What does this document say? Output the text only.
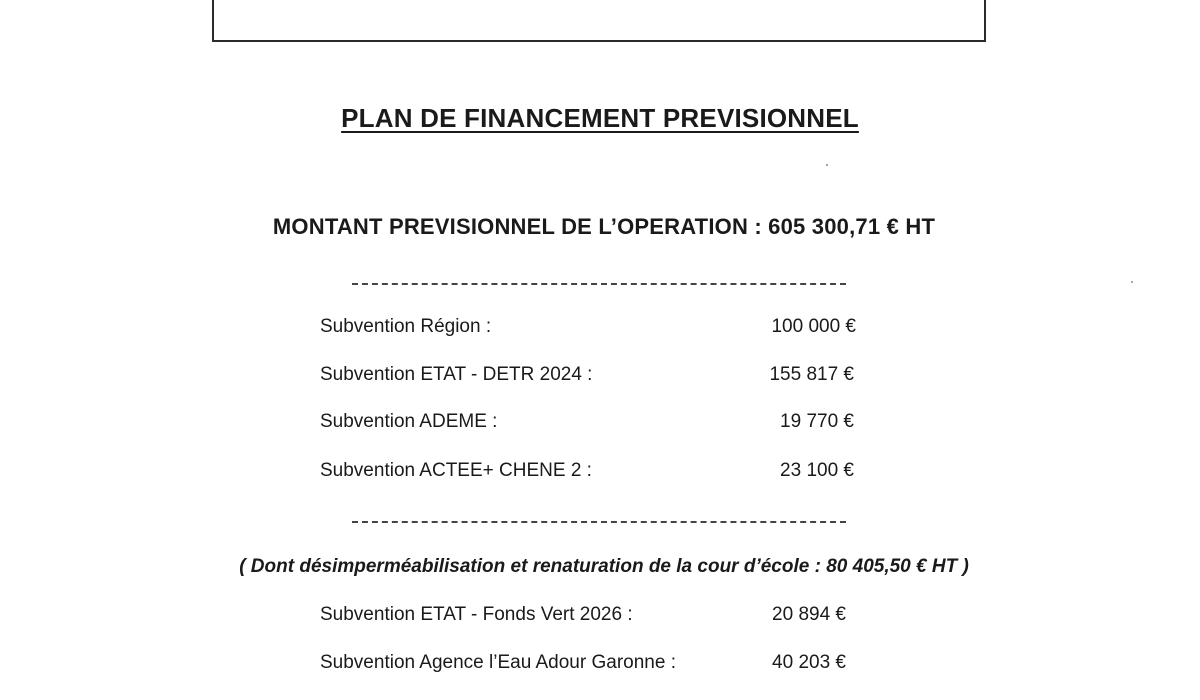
PLAN DE FINANCEMENT PREVISIONNEL
MONTANT PREVISIONNEL DE L’OPERATION : 605 300,71 € HT
Subvention Région :	100 000 €
Subvention ETAT - DETR 2024 :	155 817 €
Subvention ADEME :	19 770 €
Subvention ACTEE+ CHENE 2 :	23 100 €
( Dont désimperméabilisation et renaturation de la cour d’école : 80 405,50 € HT )
Subvention ETAT - Fonds Vert 2026 :	20 894 €
Subvention Agence l’Eau Adour Garonne :	40 203 €
